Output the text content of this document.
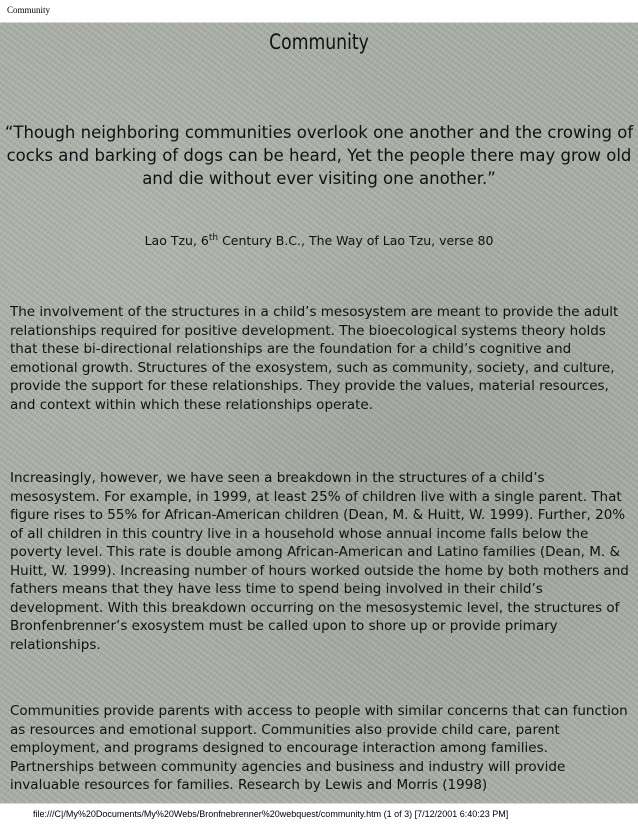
Community
Community
“Though neighboring communities overlook one another and the crowing of cocks and barking of dogs can be heard, Yet the people there may grow old and die without ever visiting one another.”
Lao Tzu, 6th Century B.C., The Way of Lao Tzu, verse 80
The involvement of the structures in a child’s mesosystem are meant to provide the adult relationships required for positive development. The bioecological systems theory holds that these bi-directional relationships are the foundation for a child’s cognitive and emotional growth. Structures of the exosystem, such as community, society, and culture, provide the support for these relationships. They provide the values, material resources, and context within which these relationships operate.
Increasingly, however, we have seen a breakdown in the structures of a child’s mesosystem. For example, in 1999, at least 25% of children live with a single parent. That figure rises to 55% for African-American children (Dean, M. & Huitt, W. 1999). Further, 20% of all children in this country live in a household whose annual income falls below the poverty level. This rate is double among African-American and Latino families (Dean, M. & Huitt, W. 1999). Increasing number of hours worked outside the home by both mothers and fathers means that they have less time to spend being involved in their child’s development. With this breakdown occurring on the mesosystemic level, the structures of Bronfenbrenner’s exosystem must be called upon to shore up or provide primary relationships.
Communities provide parents with access to people with similar concerns that can function as resources and emotional support. Communities also provide child care, parent employment, and programs designed to encourage interaction among families. Partnerships between community agencies and business and industry will provide invaluable resources for families. Research by Lewis and Morris (1998)
file:///C|/My%20Documents/My%20Webs/Bronfnebrenner%20webquest/community.htm (1 of 3) [7/12/2001 6:40:23 PM]
